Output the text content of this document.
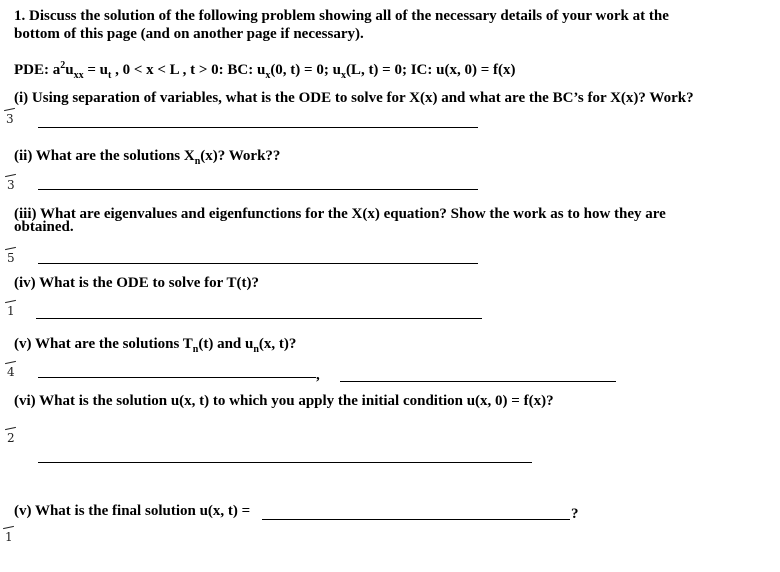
1. Discuss the solution of the following problem showing all of the necessary details of your work at the
bottom of this page (and on another page if necessary).
PDE: $a^2u_{xx} = u_t$ , 0 < x < L , t > 0: BC: $u_x(0$, t) = 0; $u_x(L$, t) = 0; IC: u(x, 0) = f(x)
(i) Using separation of variables, what is the ODE to solve for X(x) and what are the BC’s for X(x)? Work?
3
(ii) What are the solutions $X_n(x)$? Work??
3
(iii) What are eigenvalues and eigenfunctions for the X(x) equation? Show the work as to how they are
obtained.
5
(iv) What is the ODE to solve for T(t)?
1
(v) What are the solutions $T_n(t)$ and $u_n(x$, t)?
4	,
(vi) What is the solution u(x, t) to which you apply the initial condition u(x, 0) = f(x)?
2
(v) What is the final solution u(x, t) =	?
1
